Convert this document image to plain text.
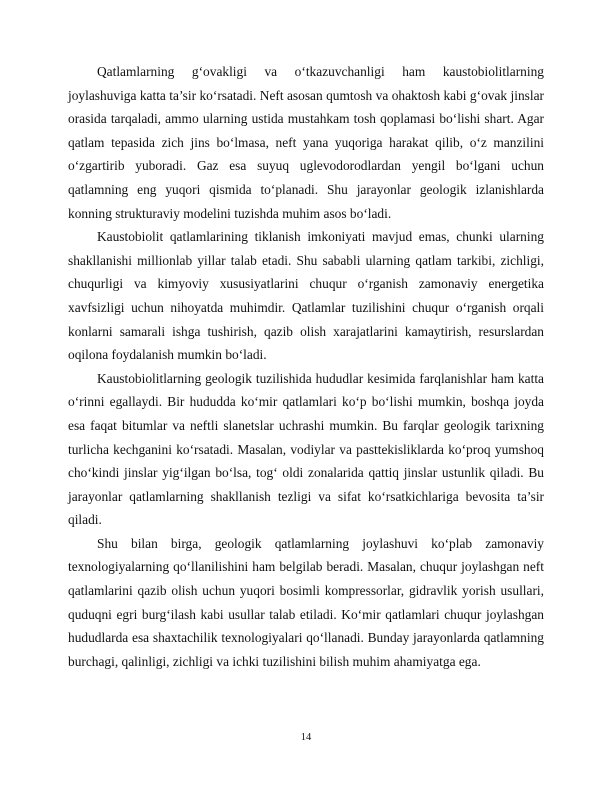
Qatlamlarning g‘ovakligi va o‘tkazuvchanligi ham kaustobiolitlarning joylashuviga katta ta’sir ko‘rsatadi. Neft asosan qumtosh va ohaktosh kabi g‘ovak jinslar orasida tarqaladi, ammo ularning ustida mustahkam tosh qoplamasi bo‘lishi shart. Agar qatlam tepasida zich jins bo‘lmasa, neft yana yuqoriga harakat qilib, o‘z manzilini o‘zgartirib yuboradi. Gaz esa suyuq uglevodorodlardan yengil bo‘lgani uchun qatlamning eng yuqori qismida to‘planadi. Shu jarayonlar geologik izlanishlarda konning strukturaviy modelini tuzishda muhim asos bo‘ladi.

Kaustobiolit qatlamlarining tiklanish imkoniyati mavjud emas, chunki ularning shakllanishi millionlab yillar talab etadi. Shu sababli ularning qatlam tarkibi, zichligi, chuqurligi va kimyoviy xususiyatlarini chuqur o‘rganish zamonaviy energetika xavfsizligi uchun nihoyatda muhimdir. Qatlamlar tuzilishini chuqur o‘rganish orqali konlarni samarali ishga tushirish, qazib olish xarajatlarini kamaytirish, resurslardan oqilona foydalanish mumkin bo‘ladi.

Kaustobiolitlarning geologik tuzilishida hududlar kesimida farqlanishlar ham katta o‘rinni egallaydi. Bir hududda ko‘mir qatlamlari ko‘p bo‘lishi mumkin, boshqa joyda esa faqat bitumlar va neftli slanetslar uchrashi mumkin. Bu farqlar geologik tarixning turlicha kechganini ko‘rsatadi. Masalan, vodiylar va pasttekisliklarda ko‘proq yumshoq cho‘kindi jinslar yig‘ilgan bo‘lsa, tog‘ oldi zonalarida qattiq jinslar ustunlik qiladi. Bu jarayonlar qatlamlarning shakllanish tezligi va sifat ko‘rsatkichlariga bevosita ta’sir qiladi.

Shu bilan birga, geologik qatlamlarning joylashuvi ko‘plab zamonaviy texnologiyalarning qo‘llanilishini ham belgilab beradi. Masalan, chuqur joylashgan neft qatlamlarini qazib olish uchun yuqori bosimli kompressorlar, gidravlik yorish usullari, quduqni egri burg‘ilash kabi usullar talab etiladi. Ko‘mir qatlamlari chuqur joylashgan hududlarda esa shaxtachilik texnologiyalari qo‘llanadi. Bunday jarayonlarda qatlamning burchagi, qalinligi, zichligi va ichki tuzilishini bilish muhim ahamiyatga ega.

14
